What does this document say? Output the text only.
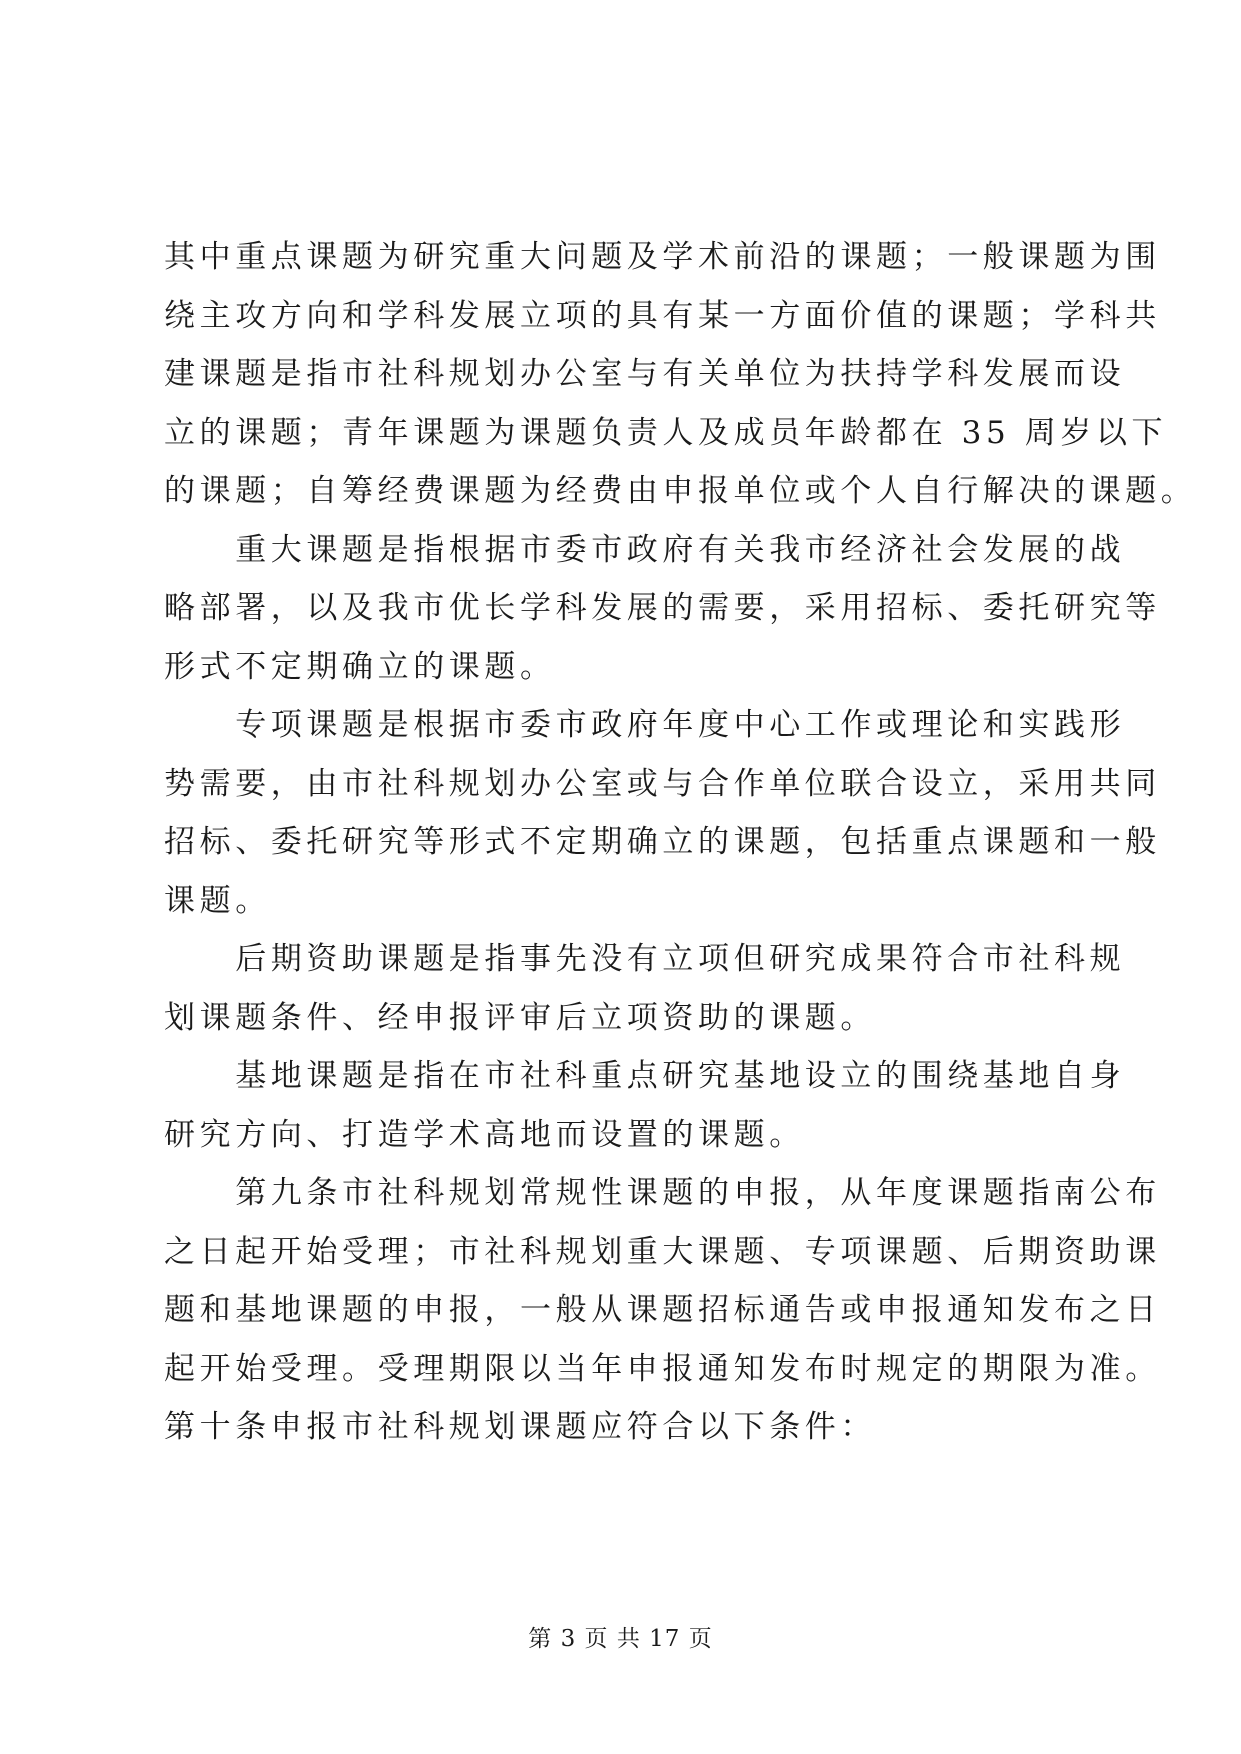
其中重点课题为研究重大问题及学术前沿的课题；一般课题为围
绕主攻方向和学科发展立项的具有某一方面价值的课题；学科共
建课题是指市社科规划办公室与有关单位为扶持学科发展而设
立的课题；青年课题为课题负责人及成员年龄都在 35 周岁以下
的课题；自筹经费课题为经费由申报单位或个人自行解决的课题。
　　重大课题是指根据市委市政府有关我市经济社会发展的战
略部署，以及我市优长学科发展的需要，采用招标、委托研究等
形式不定期确立的课题。
　　专项课题是根据市委市政府年度中心工作或理论和实践形
势需要，由市社科规划办公室或与合作单位联合设立，采用共同
招标、委托研究等形式不定期确立的课题，包括重点课题和一般
课题。
　　后期资助课题是指事先没有立项但研究成果符合市社科规
划课题条件、经申报评审后立项资助的课题。
　　基地课题是指在市社科重点研究基地设立的围绕基地自身
研究方向、打造学术高地而设置的课题。
　　第九条市社科规划常规性课题的申报，从年度课题指南公布
之日起开始受理；市社科规划重大课题、专项课题、后期资助课
题和基地课题的申报，一般从课题招标通告或申报通知发布之日
起开始受理。受理期限以当年申报通知发布时规定的期限为准。
第十条申报市社科规划课题应符合以下条件：
第 3 页 共 17 页
